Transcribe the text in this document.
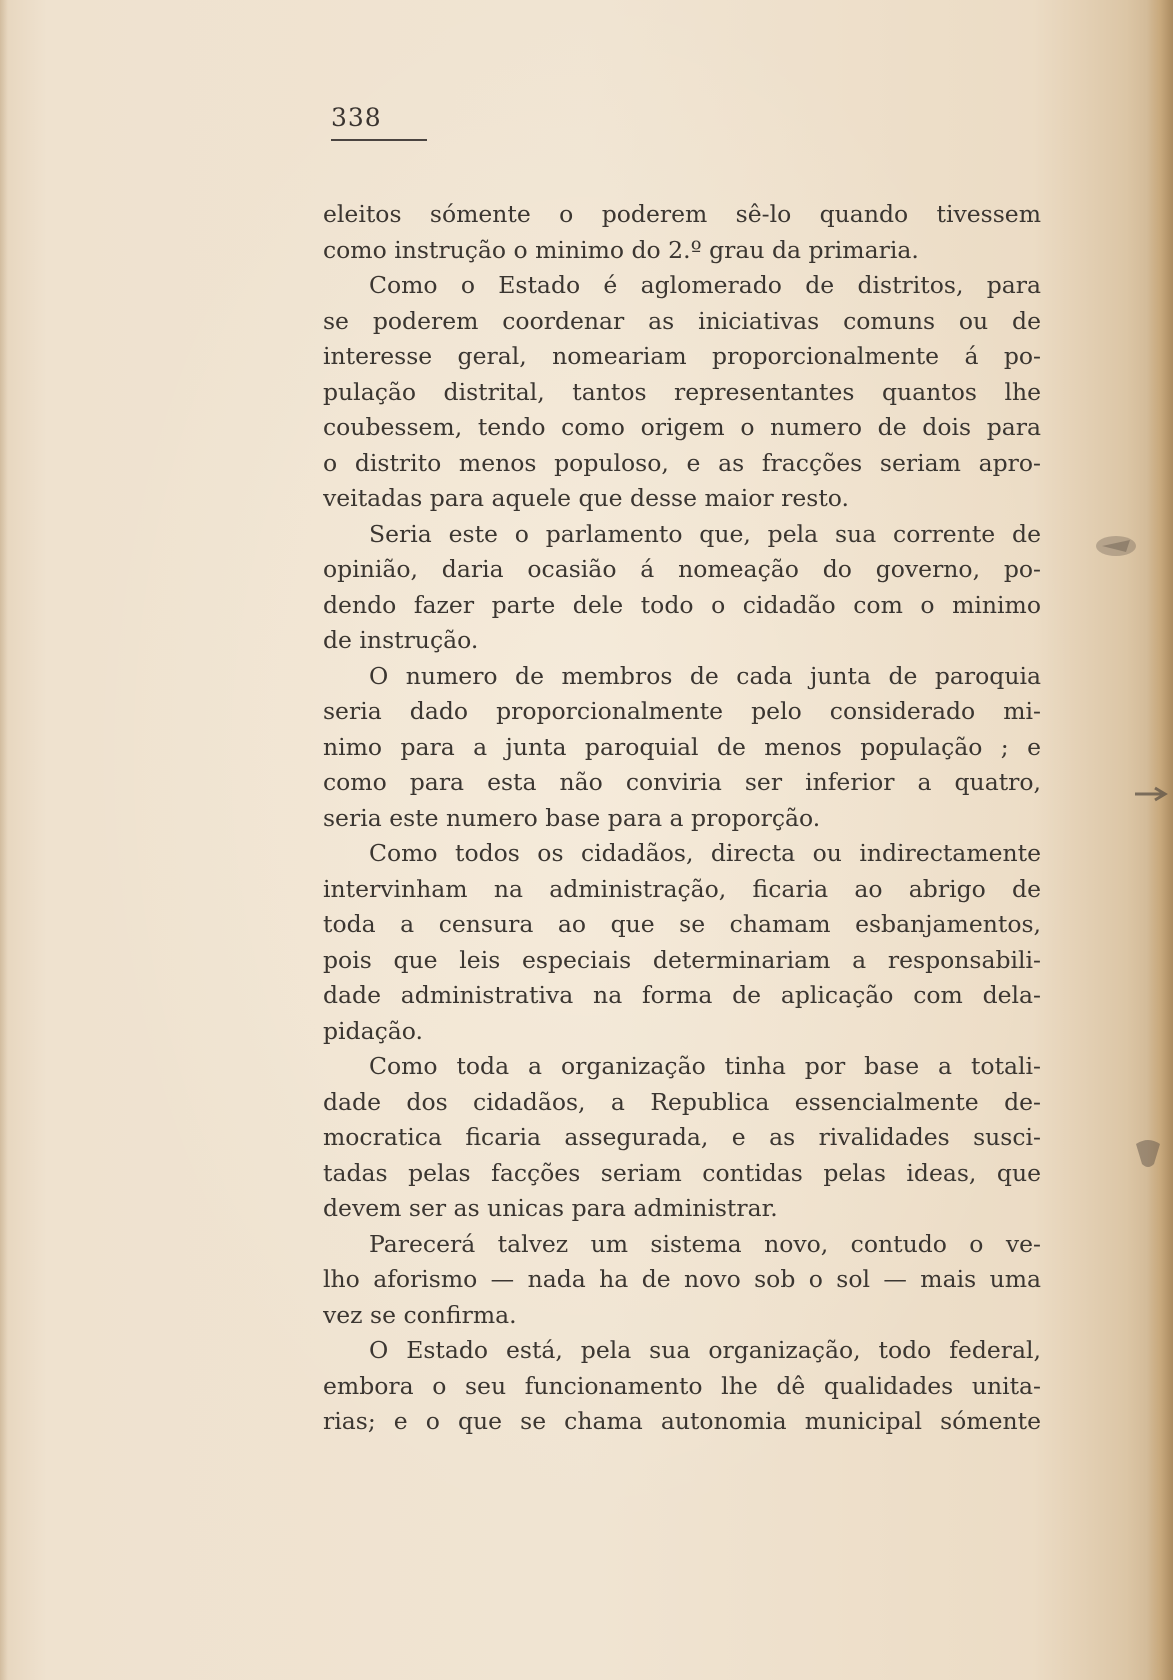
338
eleitos sómente o poderem sê-lo quando tivessem
como instrução o minimo do 2.º grau da primaria.
Como o Estado é aglomerado de distritos, para
se poderem coordenar as iniciativas comuns ou de
interesse geral, nomeariam proporcionalmente á po-
pulação distrital, tantos representantes quantos lhe
coubessem, tendo como origem o numero de dois para
o distrito menos populoso, e as fracções seriam apro-
veitadas para aquele que desse maior resto.
Seria este o parlamento que, pela sua corrente de
opinião, daria ocasião á nomeação do governo, po-
dendo fazer parte dele todo o cidadão com o minimo
de instrução.
O numero de membros de cada junta de paroquia
seria dado proporcionalmente pelo considerado mi-
nimo para a junta paroquial de menos população ; e
como para esta não conviria ser inferior a quatro,
seria este numero base para a proporção.
Como todos os cidadãos, directa ou indirectamente
intervinham na administração, ficaria ao abrigo de
toda a censura ao que se chamam esbanjamentos,
pois que leis especiais determinariam a responsabili-
dade administrativa na forma de aplicação com dela-
pidação.
Como toda a organização tinha por base a totali-
dade dos cidadãos, a Republica essencialmente de-
mocratica ficaria assegurada, e as rivalidades susci-
tadas pelas facções seriam contidas pelas ideas, que
devem ser as unicas para administrar.
Parecerá talvez um sistema novo, contudo o ve-
lho aforismo — nada ha de novo sob o sol — mais uma
vez se confirma.
O Estado está, pela sua organização, todo federal,
embora o seu funcionamento lhe dê qualidades unita-
rias; e o que se chama autonomia municipal sómente
